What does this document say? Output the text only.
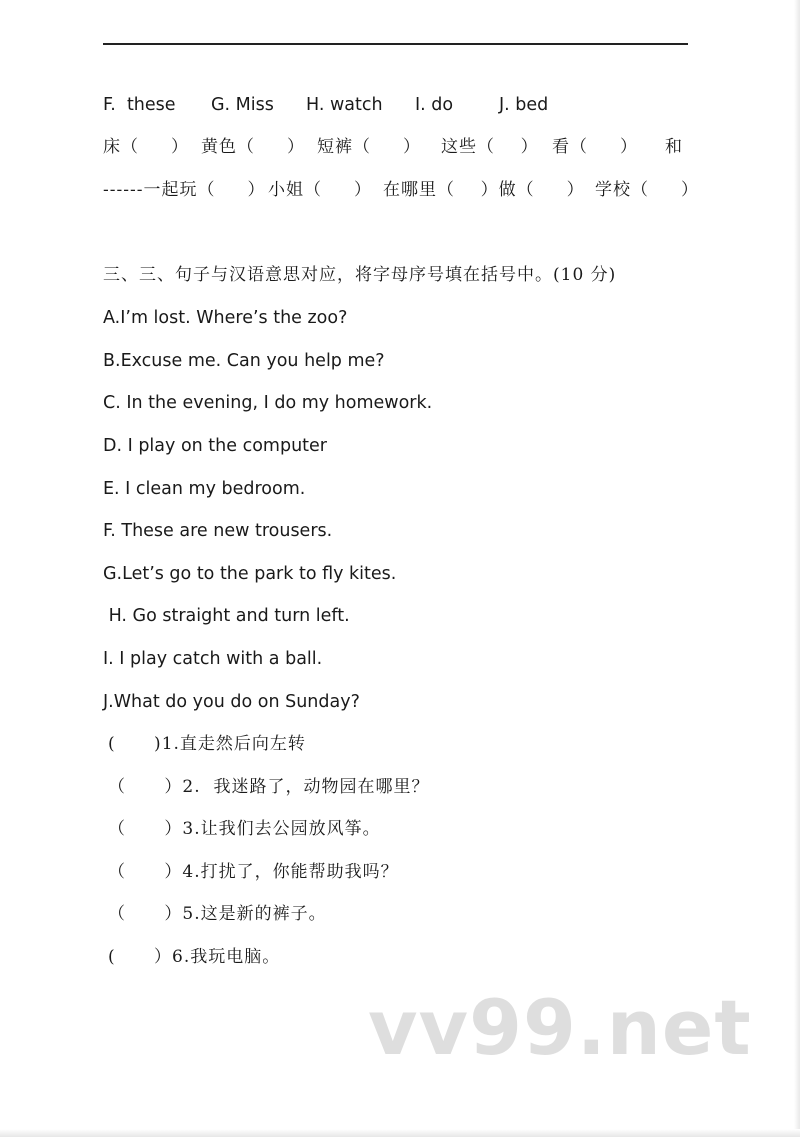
F.  these G. Miss H. watch I. do	J. bed
床（     ） 黄色（     ） 短裤（     ） 这些（    ） 看（     ） 和
------一起玩（     ） 小姐（     ） 在哪里（    ）做（     ） 学校（     ）
三、三、句子与汉语意思对应，将字母序号填在括号中。(10 分)
A.I’m lost. Where’s the zoo?
B.Excuse me. Can you help me?
C. In the evening, I do my homework.
D. I play on the computer
E. I clean my bedroom.
F. These are new trousers.
G.Let’s go to the park to fly kites.
H. Go straight and turn left.
I. I play catch with a ball.
J.What do you do on Sunday?
(      )1.直走然后向左转
（      ）2.  我迷路了，动物园在哪里？
（      ）3.让我们去公园放风筝。
（      ）4.打扰了，你能帮助我吗？
（      ）5.这是新的裤子。
(      ）6.我玩电脑。
vv99.net
